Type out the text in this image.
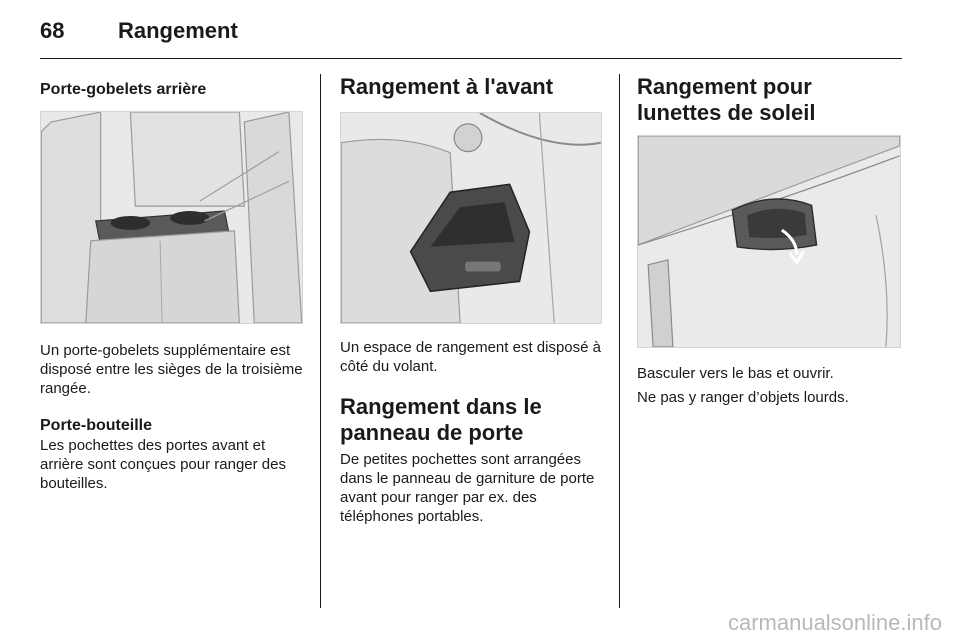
68 Rangement
Porte-gobelets arrière

Un porte-gobelets supplémentaire est disposé entre les sièges de la troisième rangée.

Porte-bouteille

Les pochettes des portes avant et arrière sont conçues pour ranger des bouteilles.

Rangement à l'avant

Un espace de rangement est disposé à côté du volant.

Rangement dans le panneau de porte

De petites pochettes sont arrangées dans le panneau de garniture de porte avant pour ranger par ex. des téléphones portables.

Rangement pour lunettes de soleil

Basculer vers le bas et ouvrir.

Ne pas y ranger d’objets lourds.

carmanualsonline.info
